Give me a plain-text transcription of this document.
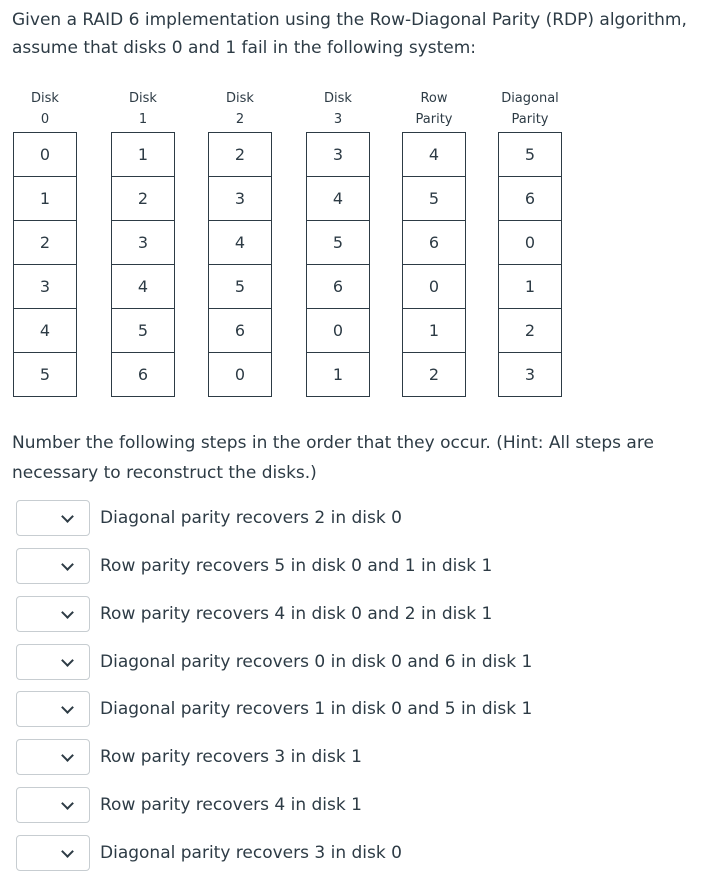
Given a RAID 6 implementation using the Row-Diagonal Parity (RDP) algorithm,
assume that disks 0 and 1 fail in the following system:
Disk
0
0
1
2
3
4
5
Disk
1
1
2
3
4
5
6
Disk
2
2
3
4
5
6
0
Disk
3
3
4
5
6
0
1
Row
Parity
4
5
6
0
1
2
Diagonal
Parity
5
6
0
1
2
3
Number the following steps in the order that they occur. (Hint: All steps are
necessary to reconstruct the disks.)
Diagonal parity recovers 2 in disk 0
Row parity recovers 5 in disk 0 and 1 in disk 1
Row parity recovers 4 in disk 0 and 2 in disk 1
Diagonal parity recovers 0 in disk 0 and 6 in disk 1
Diagonal parity recovers 1 in disk 0 and 5 in disk 1
Row parity recovers 3 in disk 1
Row parity recovers 4 in disk 1
Diagonal parity recovers 3 in disk 0
